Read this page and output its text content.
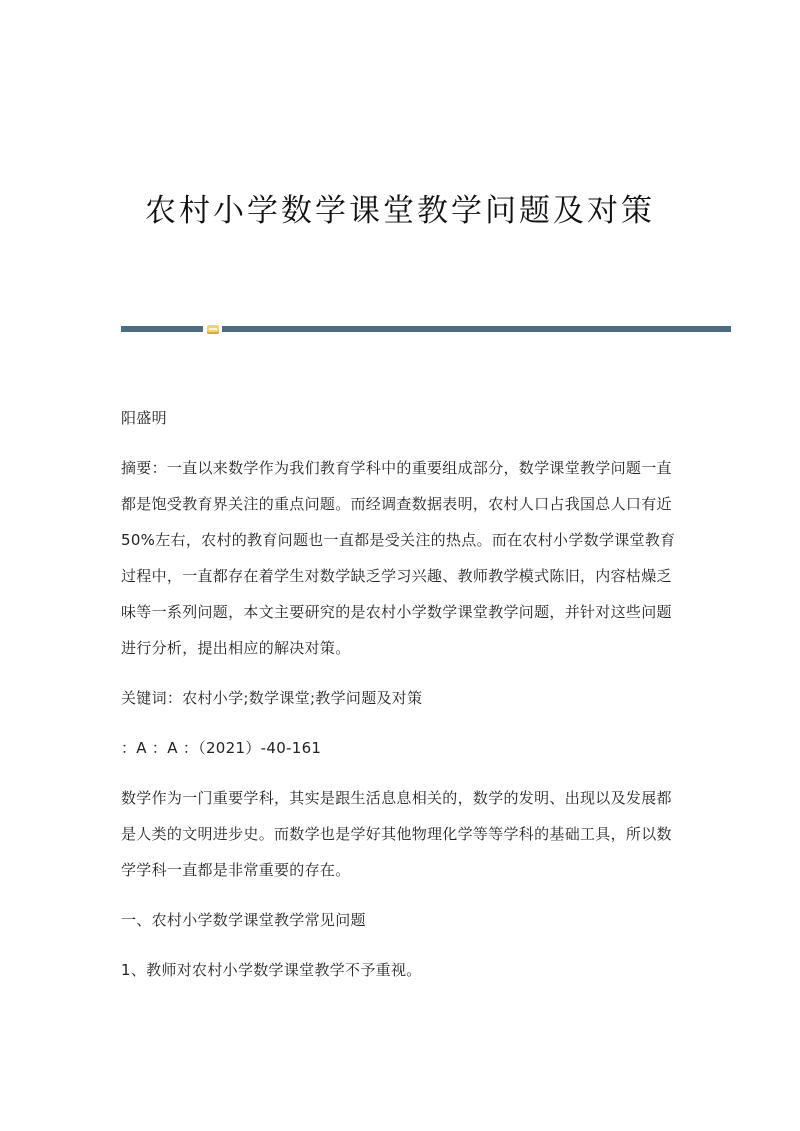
农村小学数学课堂教学问题及对策

阳盛明

摘要：一直以来数学作为我们教育学科中的重要组成部分，数学课堂教学问题一直都是饱受教育界关注的重点问题。而经调查数据表明，农村人口占我国总人口有近50%左右，农村的教育问题也一直都是受关注的热点。而在农村小学数学课堂教育过程中，一直都存在着学生对数学缺乏学习兴趣、教师教学模式陈旧，内容枯燥乏味等一系列问题，本文主要研究的是农村小学数学课堂教学问题，并针对这些问题进行分析，提出相应的解决对策。

关键词：农村小学;数学课堂;教学问题及对策

：A ：A ：（2021）-40-161

数学作为一门重要学科，其实是跟生活息息相关的，数学的发明、出现以及发展都是人类的文明进步史。而数学也是学好其他物理化学等等学科的基础工具，所以数学学科一直都是非常重要的存在。

一、农村小学数学课堂教学常见问题

1、教师对农村小学数学课堂教学不予重视。
